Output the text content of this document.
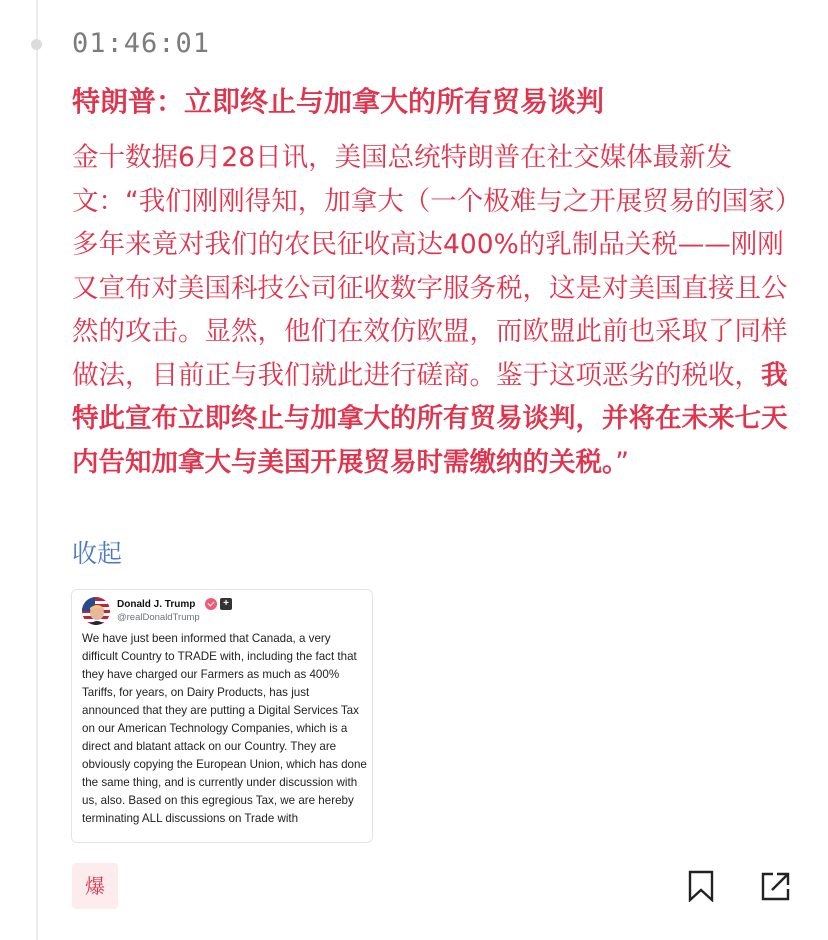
01:46:01
特朗普：立即终止与加拿大的所有贸易谈判
金十数据6月28日讯，美国总统特朗普在社交媒体最新发文：“我们刚刚得知，加拿大（一个极难与之开展贸易的国家）多年来竟对我们的农民征收高达400%的乳制品关税——刚刚又宣布对美国科技公司征收数字服务税，这是对美国直接且公然的攻击。显然，他们在效仿欧盟，而欧盟此前也采取了同样做法，目前正与我们就此进行磋商。鉴于这项恶劣的税收，我特此宣布立即终止与加拿大的所有贸易谈判，并将在未来七天内告知加拿大与美国开展贸易时需缴纳的关税。”
收起
Donald J. Trump	+
@realDonaldTrump
We have just been informed that Canada, a very difficult Country to TRADE with, including the fact that they have charged our Farmers as much as 400% Tariffs, for years, on Dairy Products, has just announced that they are putting a Digital Services Tax on our American Technology Companies, which is a direct and blatant attack on our Country. They are obviously copying the European Union, which has done the same thing, and is currently under discussion with us, also. Based on this egregious Tax, we are hereby terminating ALL discussions on Trade with
爆
